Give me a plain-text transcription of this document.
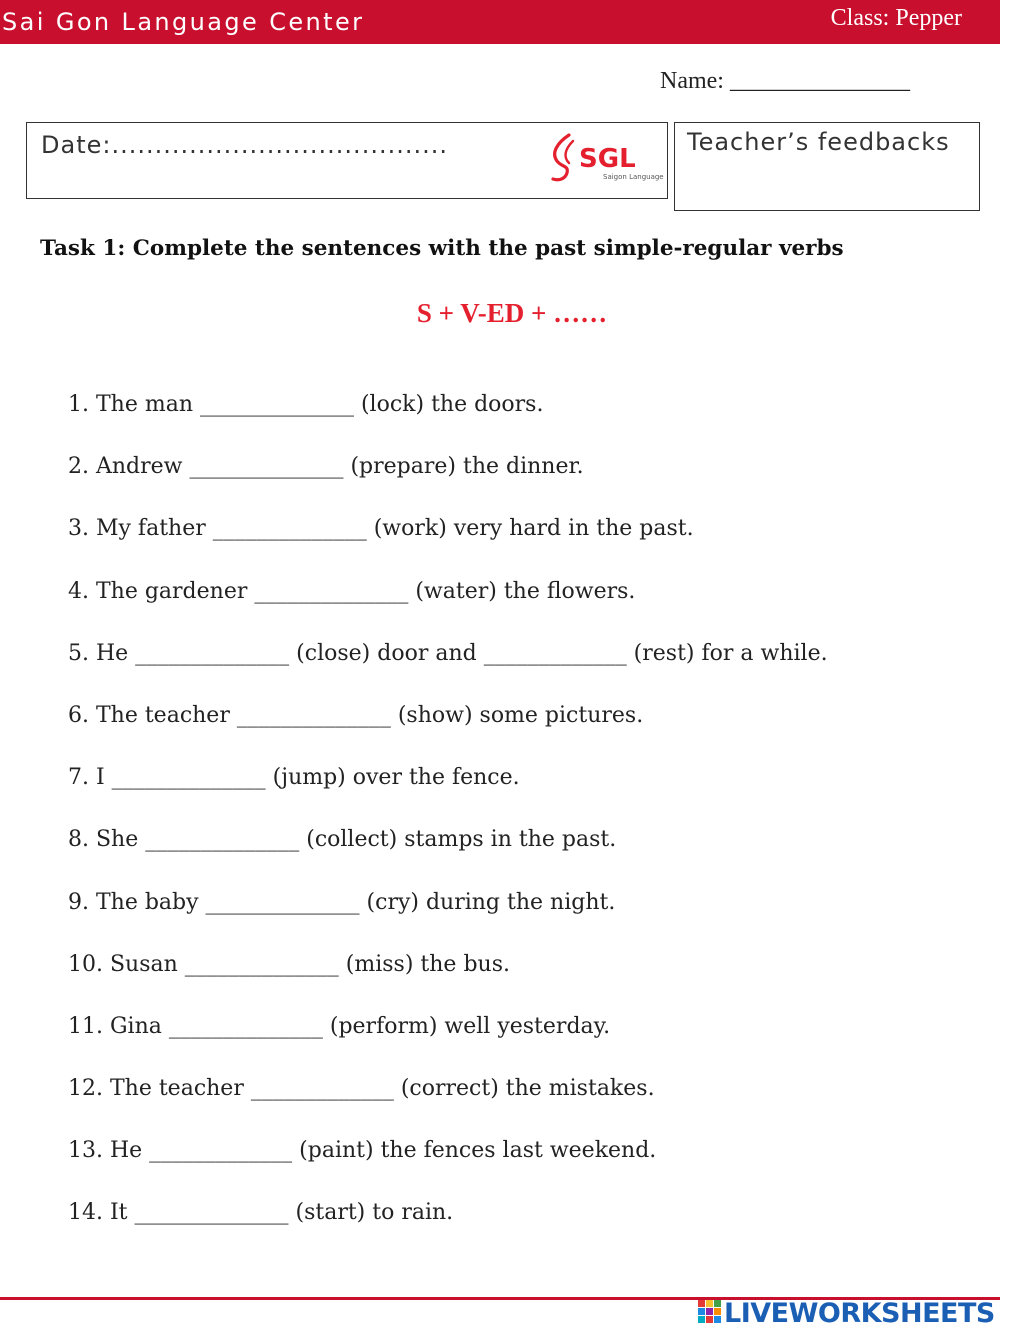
Sai Gon Language Center	Class: Pepper
Name: _______________
Date:.......................................	SGL
Saigon Language
Teacher’s feedbacks
Task 1: Complete the sentences with the past simple-regular verbs
S + V-ED + ……
1. The man ______________ (lock) the doors.
2. Andrew ______________ (prepare) the dinner.
3. My father ______________ (work) very hard in the past.
4. The gardener ______________ (water) the flowers.
5. He ______________ (close) door and _____________ (rest) for a while.
6. The teacher ______________ (show) some pictures.
7. I ______________ (jump) over the fence.
8. She ______________ (collect) stamps in the past.
9. The baby ______________ (cry) during the night.
10. Susan ______________ (miss) the bus.
11. Gina ______________ (perform) well yesterday.
12. The teacher _____________ (correct) the mistakes.
13. He _____________ (paint) the fences last weekend.
14. It ______________ (start) to rain.
LIVEWORKSHEETS
